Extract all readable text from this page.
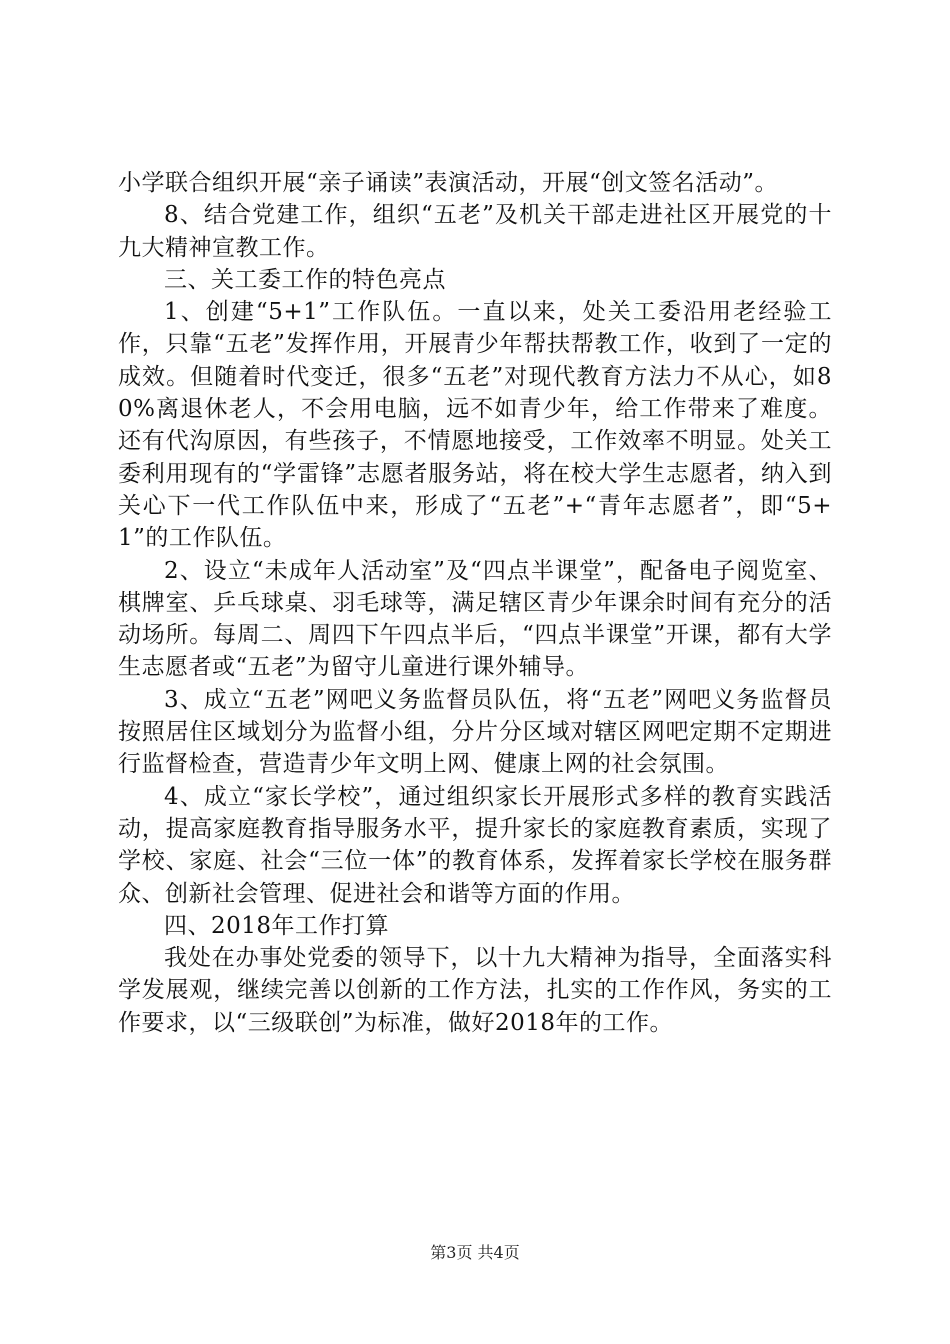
小学联合组织开展“亲子诵读”表演活动，开展“创文签名活动”。

8、结合党建工作，组织“五老”及机关干部走进社区开展党的十九大精神宣教工作。

三、关工委工作的特色亮点

1、创建“5+1”工作队伍。一直以来，处关工委沿用老经验工作，只靠“五老”发挥作用，开展青少年帮扶帮教工作，收到了一定的成效。但随着时代变迁，很多“五老”对现代教育方法力不从心，如80%离退休老人，不会用电脑，远不如青少年，给工作带来了难度。还有代沟原因，有些孩子，不情愿地接受，工作效率不明显。处关工委利用现有的“学雷锋”志愿者服务站，将在校大学生志愿者，纳入到关心下一代工作队伍中来，形成了“五老”+“青年志愿者”，即“5+1”的工作队伍。

2、设立“未成年人活动室”及“四点半课堂”，配备电子阅览室、棋牌室、乒乓球桌、羽毛球等，满足辖区青少年课余时间有充分的活动场所。每周二、周四下午四点半后，“四点半课堂”开课，都有大学生志愿者或“五老”为留守儿童进行课外辅导。

3、成立“五老”网吧义务监督员队伍，将“五老”网吧义务监督员按照居住区域划分为监督小组，分片分区域对辖区网吧定期不定期进行监督检查，营造青少年文明上网、健康上网的社会氛围。

4、成立“家长学校”，通过组织家长开展形式多样的教育实践活动，提高家庭教育指导服务水平，提升家长的家庭教育素质，实现了学校、家庭、社会“三位一体”的教育体系，发挥着家长学校在服务群众、创新社会管理、促进社会和谐等方面的作用。

四、2018年工作打算

我处在办事处党委的领导下，以十九大精神为指导，全面落实科学发展观，继续完善以创新的工作方法，扎实的工作作风，务实的工作要求，以“三级联创”为标准，做好2018年的工作。

第3页 共4页
